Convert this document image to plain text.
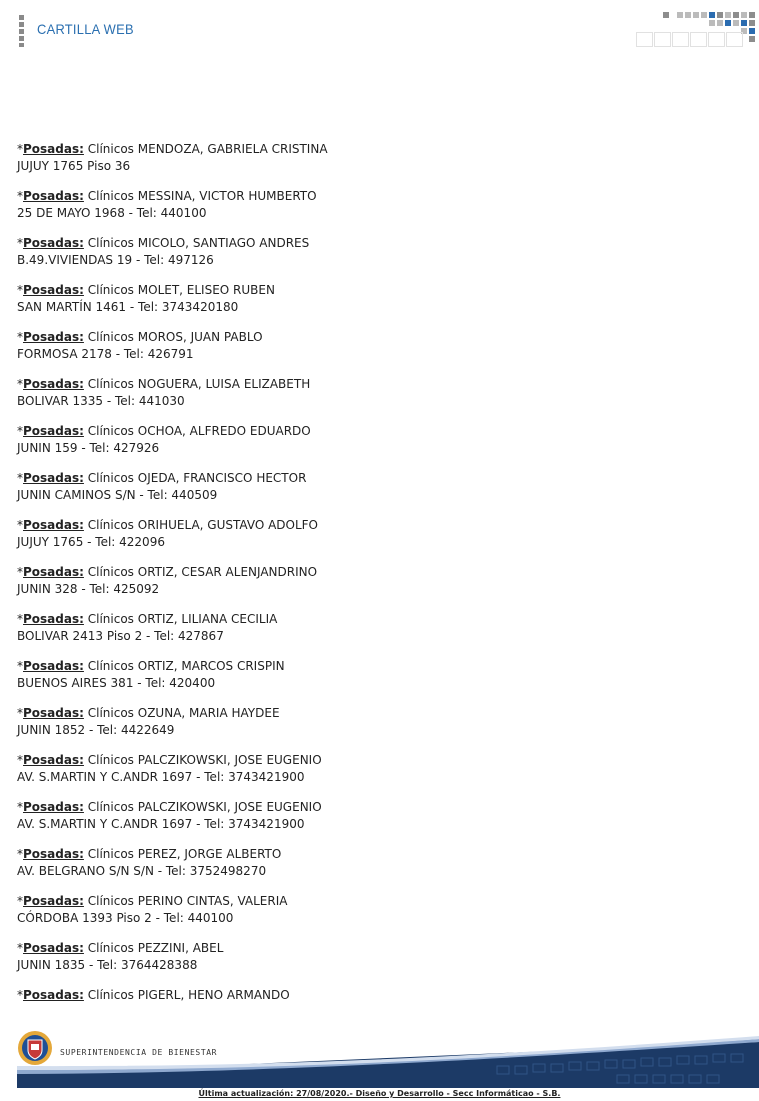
CARTILLA WEB
*Posadas: Clínicos MENDOZA, GABRIELA CRISTINA
JUJUY 1765 Piso 36
*Posadas: Clínicos MESSINA, VICTOR HUMBERTO
25 DE MAYO 1968 - Tel: 440100
*Posadas: Clínicos MICOLO, SANTIAGO ANDRES
B.49.VIVIENDAS 19 - Tel: 497126
*Posadas: Clínicos MOLET, ELISEO RUBEN
SAN MARTÍN 1461 - Tel: 3743420180
*Posadas: Clínicos MOROS, JUAN PABLO
FORMOSA 2178 - Tel: 426791
*Posadas: Clínicos NOGUERA, LUISA ELIZABETH
BOLIVAR 1335 - Tel: 441030
*Posadas: Clínicos OCHOA, ALFREDO EDUARDO
JUNIN 159 - Tel: 427926
*Posadas: Clínicos OJEDA, FRANCISCO HECTOR
JUNIN CAMINOS S/N - Tel: 440509
*Posadas: Clínicos ORIHUELA, GUSTAVO ADOLFO
JUJUY 1765 - Tel: 422096
*Posadas: Clínicos ORTIZ, CESAR ALENJANDRINO
JUNIN 328 - Tel: 425092
*Posadas: Clínicos ORTIZ, LILIANA CECILIA
BOLIVAR 2413 Piso 2 - Tel: 427867
*Posadas: Clínicos ORTIZ, MARCOS CRISPIN
BUENOS AIRES 381 - Tel: 420400
*Posadas: Clínicos OZUNA, MARIA HAYDEE
JUNIN 1852 - Tel: 4422649
*Posadas: Clínicos PALCZIKOWSKI, JOSE EUGENIO
AV. S.MARTIN Y C.ANDR 1697 - Tel: 3743421900
*Posadas: Clínicos PALCZIKOWSKI, JOSE EUGENIO
AV. S.MARTIN Y C.ANDR 1697 - Tel: 3743421900
*Posadas: Clínicos PEREZ, JORGE ALBERTO
AV. BELGRANO S/N S/N - Tel: 3752498270
*Posadas: Clínicos PERINO CINTAS, VALERIA
CÓRDOBA 1393 Piso 2 - Tel: 440100
*Posadas: Clínicos PEZZINI, ABEL
JUNIN 1835 - Tel: 3764428388
*Posadas: Clínicos PIGERL, HENO ARMANDO
SUPERINTENDENCIA DE BIENESTAR
Última actualización: 27/08/2020.- Diseño y Desarrollo - Secc Informáticao - S.B.
